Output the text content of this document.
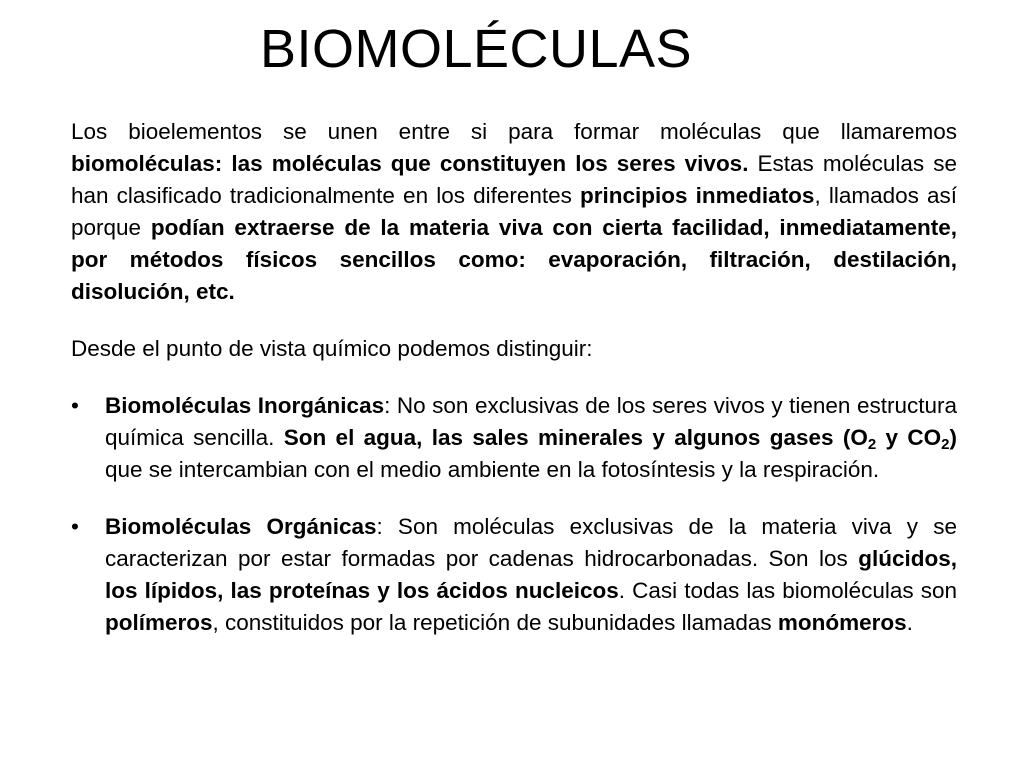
BIOMOLÉCULAS

Los bioelementos se unen entre si para formar moléculas que llamaremos biomoléculas: las moléculas que constituyen los seres vivos. Estas moléculas se han clasificado tradicionalmente en los diferentes principios inmediatos, llamados así porque podían extraerse de la materia viva con cierta facilidad, inmediatamente, por métodos físicos sencillos como: evaporación, filtración, destilación, disolución, etc.

Desde el punto de vista químico podemos distinguir:

• Biomoléculas Inorgánicas: No son exclusivas de los seres vivos y tienen estructura química sencilla. Son el agua, las sales minerales y algunos gases ($O_2$ y $CO_2$) que se intercambian con el medio ambiente en la fotosíntesis y la respiración.
• Biomoléculas Orgánicas: Son moléculas exclusivas de la materia viva y se caracterizan por estar formadas por cadenas hidrocarbonadas. Son los glúcidos, los lípidos, las proteínas y los ácidos nucleicos. Casi todas las biomoléculas son polímeros, constituidos por la repetición de subunidades llamadas monómeros.
